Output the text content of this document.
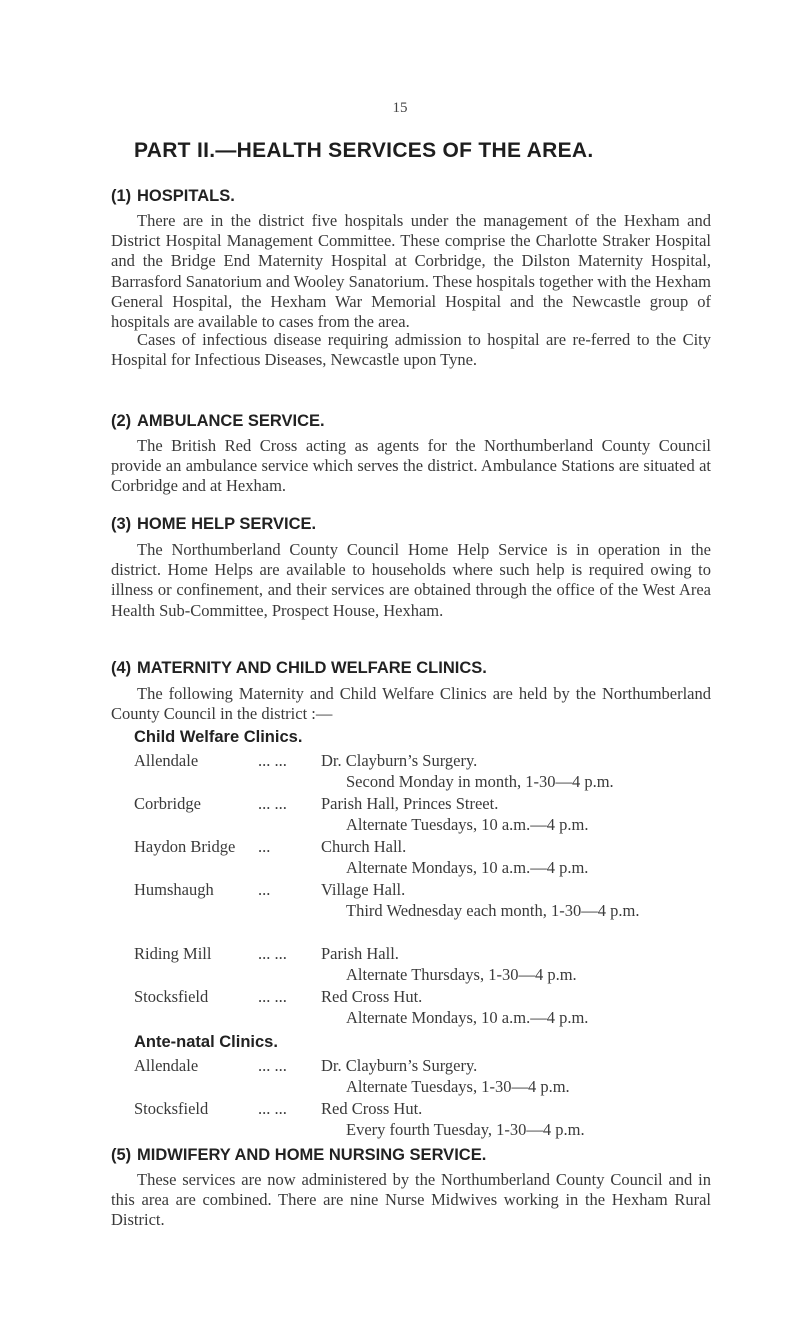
15
PART II.—HEALTH SERVICES OF THE AREA.
(1) HOSPITALS.

There are in the district five hospitals under the management of the Hexham and District Hospital Management Committee. These comprise the Charlotte Straker Hospital and the Bridge End Maternity Hospital at Corbridge, the Dilston Maternity Hospital, Barrasford Sanatorium and Wooley Sanatorium. These hospitals together with the Hexham General Hospital, the Hexham War Memorial Hospital and the Newcastle group of hospitals are available to cases from the area.

Cases of infectious disease requiring admission to hospital are re-ferred to the City Hospital for Infectious Diseases, Newcastle upon Tyne.

(2) AMBULANCE SERVICE.

The British Red Cross acting as agents for the Northumberland County Council provide an ambulance service which serves the district. Ambulance Stations are situated at Corbridge and at Hexham.

(3) HOME HELP SERVICE.

The Northumberland County Council Home Help Service is in operation in the district. Home Helps are available to households where such help is required owing to illness or confinement, and their services are obtained through the office of the West Area Health Sub-Committee, Prospect House, Hexham.

(4) MATERNITY AND CHILD WELFARE CLINICS.

The following Maternity and Child Welfare Clinics are held by the Northumberland County Council in the district :—

Child Welfare Clinics.
Allendale	... ... Dr. Clayburn’s Surgery.
Second Monday in month, 1-30—4 p.m.
Corbridge	... ... Parish Hall, Princes Street.
Alternate Tuesdays, 10 a.m.—4 p.m.
Haydon Bridge ...	Church Hall.
Alternate Mondays, 10 a.m.—4 p.m.
Humshaugh	...	Village Hall.
Third Wednesday each month, 1-30—4 p.m.
Riding Mill	... ... Parish Hall.
Alternate Thursdays, 1-30—4 p.m.
Stocksfield	... ... Red Cross Hut.
Alternate Mondays, 10 a.m.—4 p.m.
Ante-natal Clinics.
Allendale	... ... Dr. Clayburn’s Surgery.
Alternate Tuesdays, 1-30—4 p.m.
Stocksfield	... ... Red Cross Hut.
Every fourth Tuesday, 1-30—4 p.m.
(5) MIDWIFERY AND HOME NURSING SERVICE.

These services are now administered by the Northumberland County Council and in this area are combined. There are nine Nurse Midwives working in the Hexham Rural District.
